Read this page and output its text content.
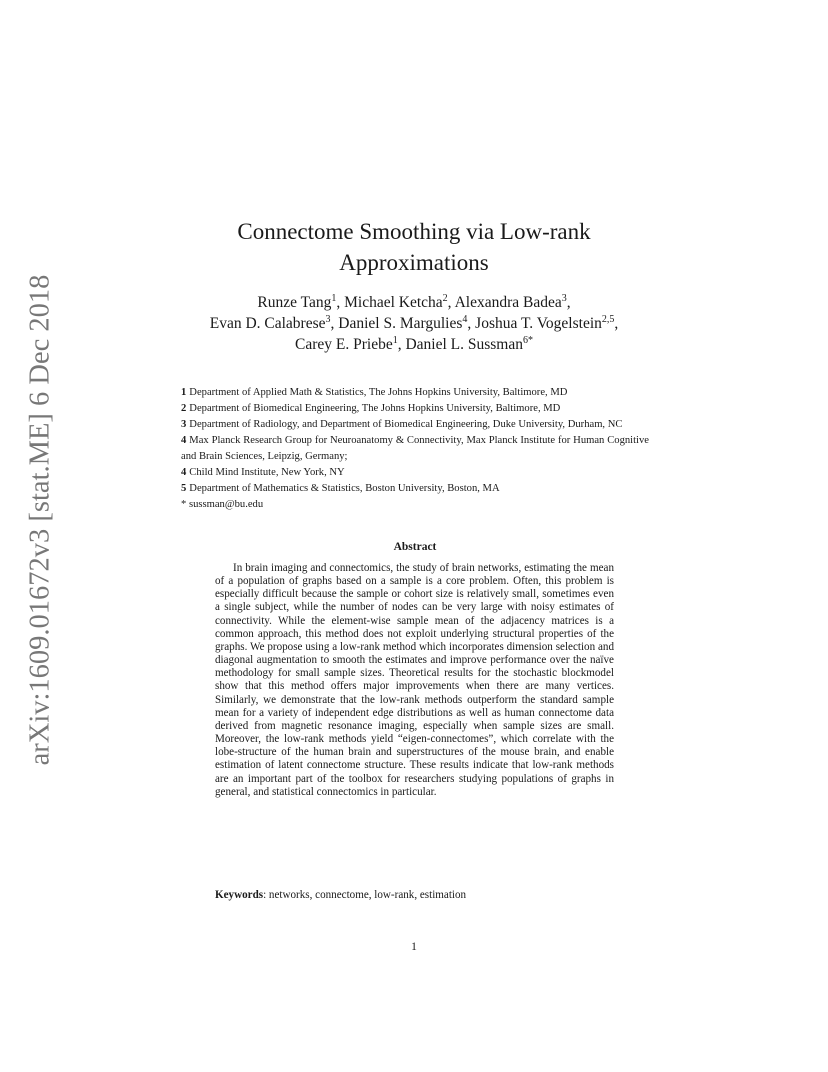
arXiv:1609.01672v3 [stat.ME] 6 Dec 2018
Connectome Smoothing via Low-rank
Approximations
Runze Tang$^1$, Michael Ketcha$^2$, Alexandra Badea$^3$,
Evan D. Calabrese$^3$, Daniel S. Margulies$^4$, Joshua T. Vogelstein$^{2,5}$,
Carey E. Priebe$^1$, Daniel L. Sussman$^{6*}$

1 Department of Applied Math & Statistics, The Johns Hopkins University, Baltimore, MD

2 Department of Biomedical Engineering, The Johns Hopkins University, Baltimore, MD

3 Department of Radiology, and Department of Biomedical Engineering, Duke University, Durham, NC

4 Max Planck Research Group for Neuroanatomy & Connectivity, Max Planck Institute for Human Cognitive and Brain Sciences, Leipzig, Germany;

4 Child Mind Institute, New York, NY

5 Department of Mathematics & Statistics, Boston University, Boston, MA

* sussman@bu.edu

Abstract

In brain imaging and connectomics, the study of brain networks, estimating the mean of a population of graphs based on a sample is a core problem. Often, this problem is especially difficult because the sample or cohort size is relatively small, sometimes even a single subject, while the number of nodes can be very large with noisy estimates of connectivity. While the element-wise sample mean of the adjacency matrices is a common approach, this method does not exploit underlying structural properties of the graphs. We propose using a low-rank method which incorporates dimension selection and diagonal augmentation to smooth the estimates and improve performance over the naïve methodology for small sample sizes. Theoretical results for the stochastic blockmodel show that this method offers major improvements when there are many vertices. Similarly, we demonstrate that the low-rank methods outperform the standard sample mean for a variety of independent edge distributions as well as human connectome data derived from magnetic resonance imaging, especially when sample sizes are small. Moreover, the low-rank methods yield “eigen-connectomes”, which correlate with the lobe-structure of the human brain and superstructures of the mouse brain, and enable estimation of latent connectome structure. These results indicate that low-rank methods are an important part of the toolbox for researchers studying populations of graphs in general, and statistical connectomics in particular.

Keywords: networks, connectome, low-rank, estimation
1
